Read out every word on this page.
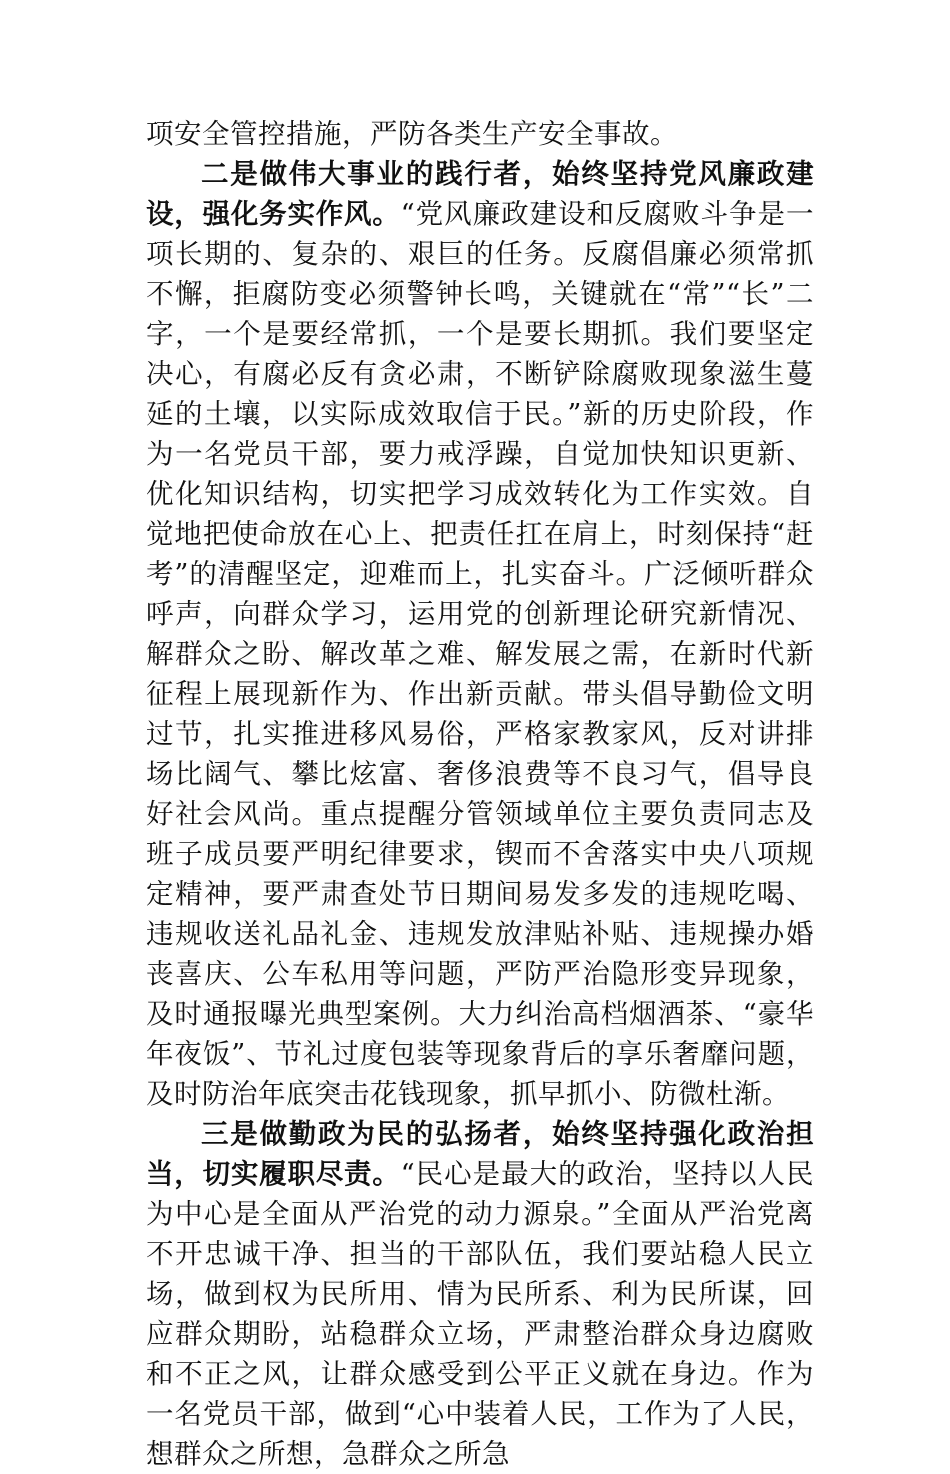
项安全管控措施，严防各类生产安全事故。

二是做伟大事业的践行者，始终坚持党风廉政建设，强化务实作风。“党风廉政建设和反腐败斗争是一项长期的、复杂的、艰巨的任务。反腐倡廉必须常抓不懈，拒腐防变必须警钟长鸣，关键就在“常”“长”二字，一个是要经常抓，一个是要长期抓。我们要坚定决心，有腐必反有贪必肃，不断铲除腐败现象滋生蔓延的土壤，以实际成效取信于民。”新的历史阶段，作为一名党员干部，要力戒浮躁，自觉加快知识更新、优化知识结构，切实把学习成效转化为工作实效。自觉地把使命放在心上、把责任扛在肩上，时刻保持“赶考”的清醒坚定，迎难而上，扎实奋斗。广泛倾听群众呼声，向群众学习，运用党的创新理论研究新情况、解群众之盼、解改革之难、解发展之需，在新时代新征程上展现新作为、作出新贡献。带头倡导勤俭文明过节，扎实推进移风易俗，严格家教家风，反对讲排场比阔气、攀比炫富、奢侈浪费等不良习气，倡导良好社会风尚。重点提醒分管领域单位主要负责同志及班子成员要严明纪律要求，锲而不舍落实中央八项规定精神，要严肃查处节日期间易发多发的违规吃喝、违规收送礼品礼金、违规发放津贴补贴、违规操办婚丧喜庆、公车私用等问题，严防严治隐形变异现象，及时通报曝光典型案例。大力纠治高档烟酒茶、“豪华年夜饭”、节礼过度包装等现象背后的享乐奢靡问题，及时防治年底突击花钱现象，抓早抓小、防微杜渐。

三是做勤政为民的弘扬者，始终坚持强化政治担当，切实履职尽责。“民心是最大的政治，坚持以人民为中心是全面从严治党的动力源泉。”全面从严治党离不开忠诚干净、担当的干部队伍，我们要站稳人民立场，做到权为民所用、情为民所系、利为民所谋，回应群众期盼，站稳群众立场，严肃整治群众身边腐败和不正之风，让群众感受到公平正义就在身边。作为一名党员干部，做到“心中装着人民，工作为了人民，想群众之所想，急群众之所急
